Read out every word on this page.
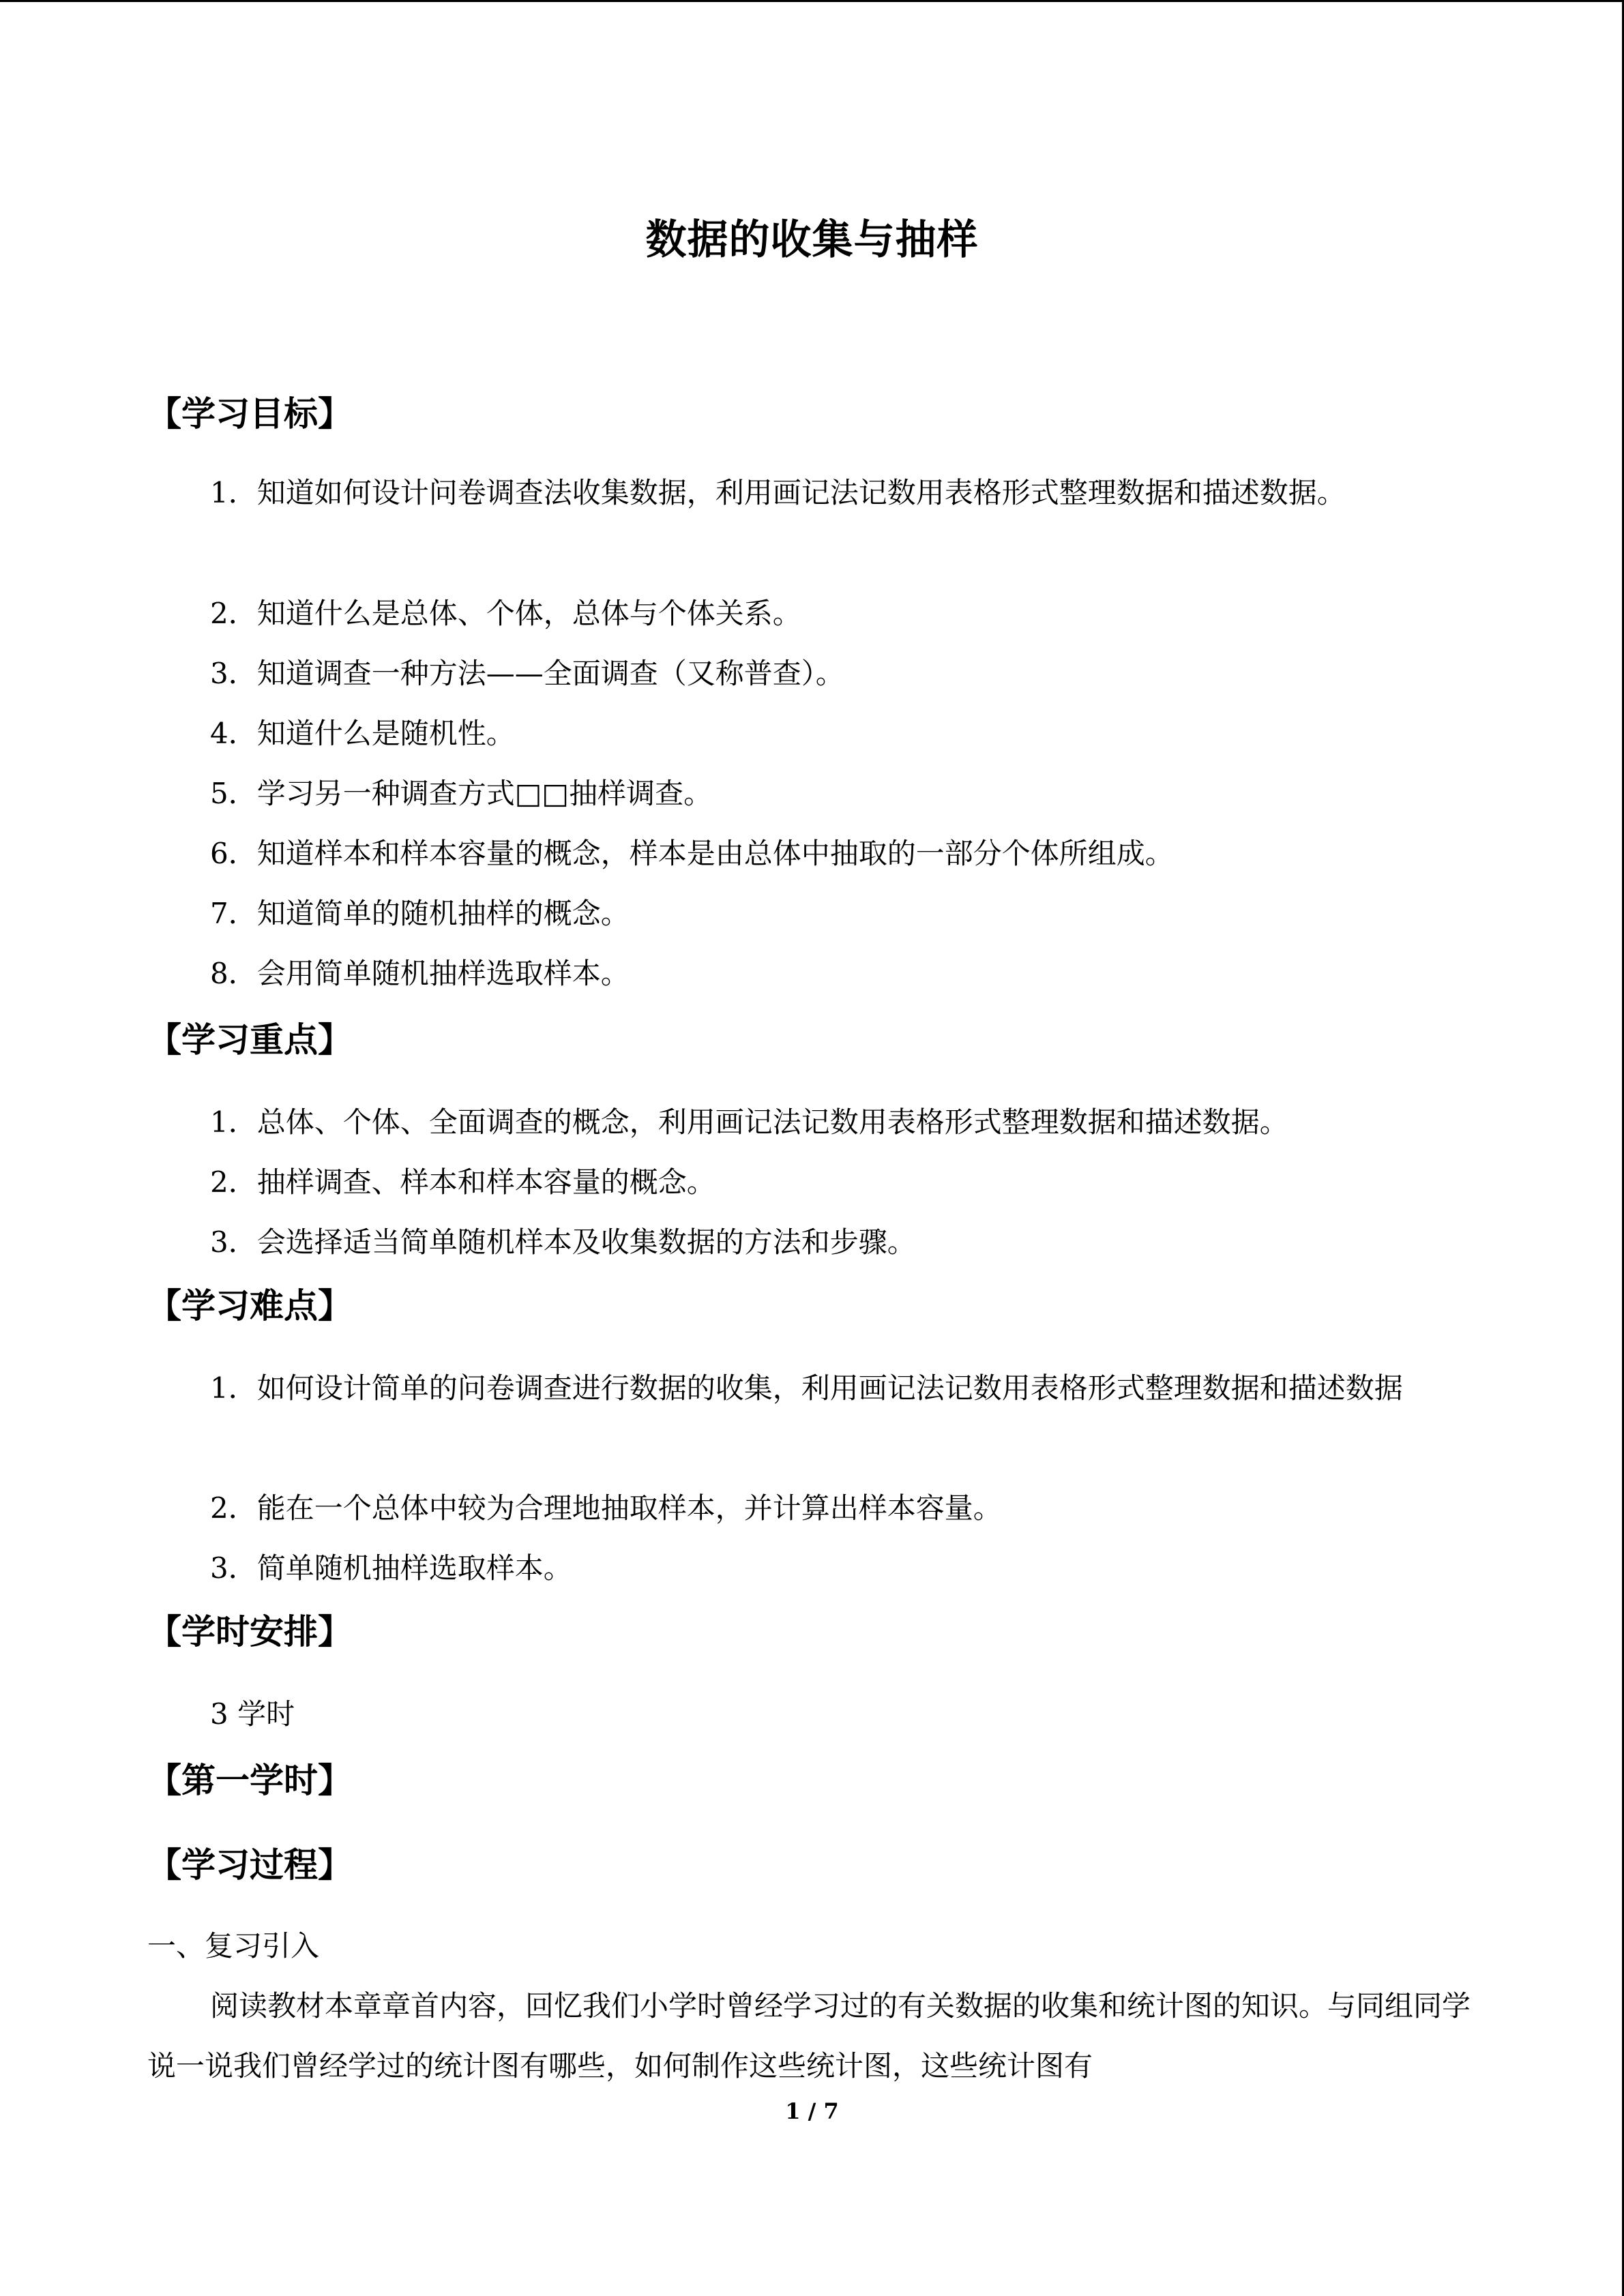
数据的收集与抽样
【学习目标】
1．知道如何设计问卷调查法收集数据，利用画记法记数用表格形式整理数据和描述数据。
2．知道什么是总体、个体，总体与个体关系。
3．知道调查一种方法——全面调查（又称普查）。
4．知道什么是随机性。
5．学习另一种调查方式□□抽样调查。
6．知道样本和样本容量的概念，样本是由总体中抽取的一部分个体所组成。
7．知道简单的随机抽样的概念。
8．会用简单随机抽样选取样本。
【学习重点】
1．总体、个体、全面调查的概念，利用画记法记数用表格形式整理数据和描述数据。
2．抽样调查、样本和样本容量的概念。
3．会选择适当简单随机样本及收集数据的方法和步骤。
【学习难点】
1．如何设计简单的问卷调查进行数据的收集，利用画记法记数用表格形式整理数据和描述数据
2．能在一个总体中较为合理地抽取样本，并计算出样本容量。
3．简单随机抽样选取样本。
【学时安排】
3 学时
【第一学时】
【学习过程】
一、复习引入
阅读教材本章章首内容，回忆我们小学时曾经学习过的有关数据的收集和统计图的知识。与同组同学说一说我们曾经学过的统计图有哪些，如何制作这些统计图，这些统计图有
1 / 7
